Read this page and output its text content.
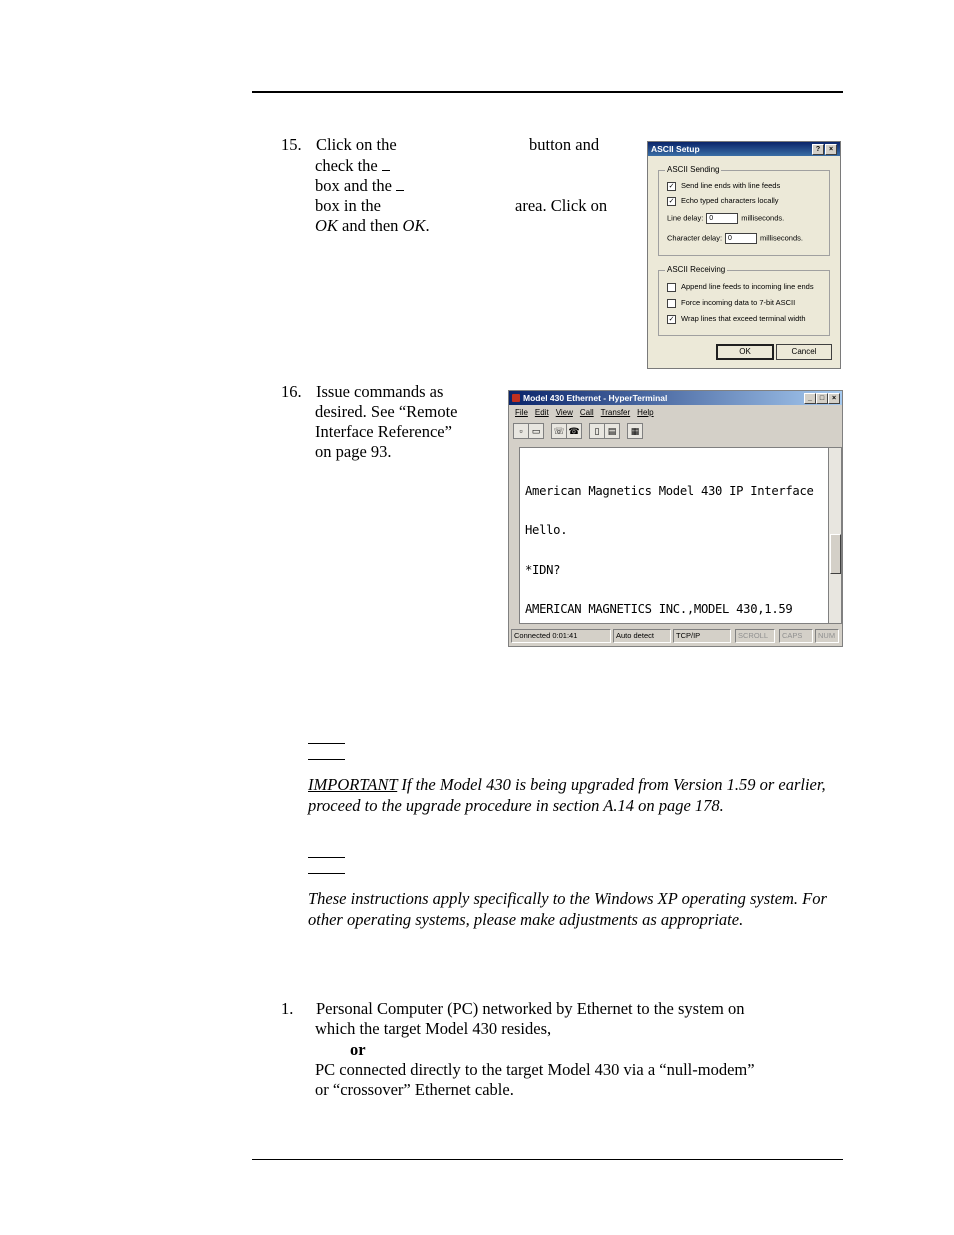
15. Click on the	button and
check the
box and the
box in the	area. Click on
OK and then OK.
ASCII Setup	?	×
ASCII Sending
✓ Send line ends with line feeds
✓ Echo typed characters locally
Line delay: 0	milliseconds.
Character delay: 0	milliseconds.
ASCII Receiving
Append line feeds to incoming line ends
Force incoming data to 7-bit ASCII
✓ Wrap lines that exceed terminal width
OK	Cancel
16. Issue commands as
desired. See “Remote
Interface Reference”
on page 93.
Model 430 Ethernet - HyperTerminal	_	□	×
File Edit View Call Transfer Help
▫	▭	☏ ☎	▯ ▤	▦

American Magnetics Model 430 IP Interface

Hello.

*IDN?

AMERICAN MAGNETICS INC.,MODEL 430,1.59

Connected 0:01:41	Auto detect	TCP/IP	SCROLL	CAPS	NUM
IMPORTANT If the Model 430 is being upgraded from Version 1.59 or earlier, proceed to the upgrade procedure in section A.14 on page 178.
These instructions apply specifically to the Windows XP operating system. For other operating systems, please make adjustments as appropriate.
1. Personal Computer (PC) networked by Ethernet to the system on
which the target Model 430 resides,
or
PC connected directly to the target Model 430 via a “null-modem”
or “crossover” Ethernet cable.
